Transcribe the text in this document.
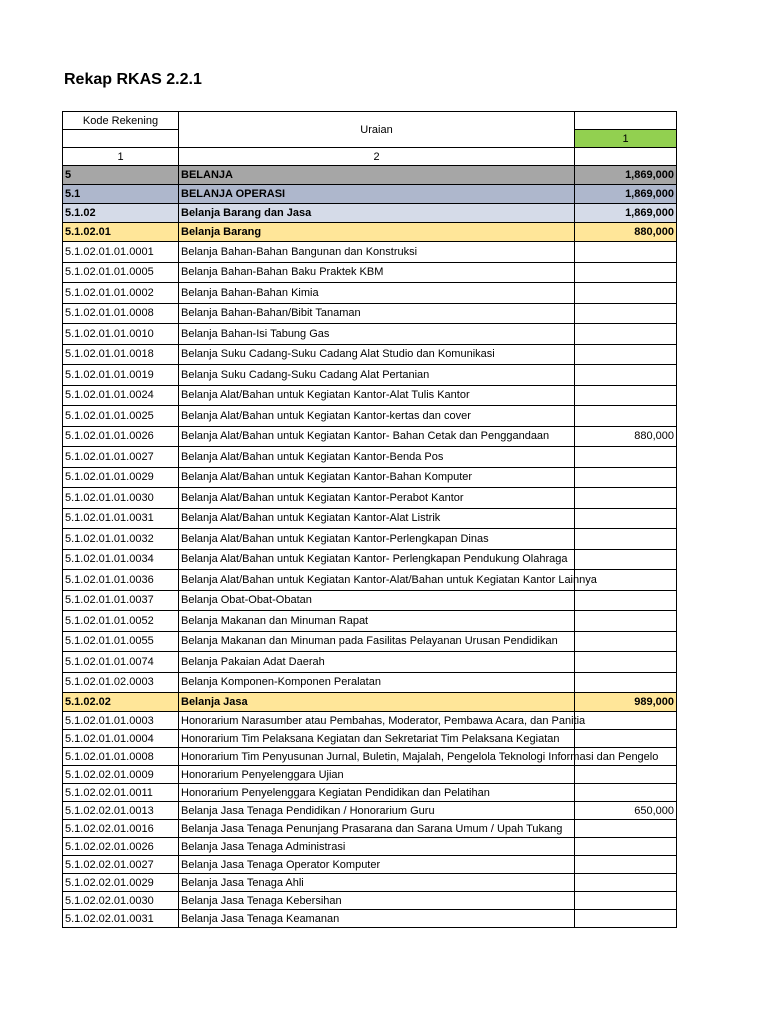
Rekap RKAS 2.2.1
Kode Rekening	Uraian	
		1
1	2	
5	BELANJA	1,869,000
5.1	BELANJA OPERASI	1,869,000
5.1.02	Belanja Barang dan Jasa	1,869,000
5.1.02.01	Belanja Barang	880,000
5.1.02.01.01.0001	Belanja Bahan-Bahan Bangunan dan Konstruksi	
5.1.02.01.01.0005	Belanja Bahan-Bahan Baku Praktek KBM	
5.1.02.01.01.0002	Belanja Bahan-Bahan Kimia	
5.1.02.01.01.0008	Belanja Bahan-Bahan/Bibit Tanaman	
5.1.02.01.01.0010	Belanja Bahan-Isi Tabung Gas	
5.1.02.01.01.0018	Belanja Suku Cadang-Suku Cadang Alat Studio dan Komunikasi	
5.1.02.01.01.0019	Belanja Suku Cadang-Suku Cadang Alat Pertanian	
5.1.02.01.01.0024	Belanja Alat/Bahan untuk Kegiatan Kantor-Alat Tulis Kantor	
5.1.02.01.01.0025	Belanja Alat/Bahan untuk Kegiatan Kantor-kertas dan cover	
5.1.02.01.01.0026	Belanja Alat/Bahan untuk Kegiatan Kantor- Bahan Cetak dan Penggandaan	880,000
5.1.02.01.01.0027	Belanja Alat/Bahan untuk Kegiatan Kantor-Benda Pos	
5.1.02.01.01.0029	Belanja Alat/Bahan untuk Kegiatan Kantor-Bahan Komputer	
5.1.02.01.01.0030	Belanja Alat/Bahan untuk Kegiatan Kantor-Perabot Kantor	
5.1.02.01.01.0031	Belanja Alat/Bahan untuk Kegiatan Kantor-Alat Listrik	
5.1.02.01.01.0032	Belanja Alat/Bahan untuk Kegiatan Kantor-Perlengkapan Dinas	
5.1.02.01.01.0034	Belanja Alat/Bahan untuk Kegiatan Kantor- Perlengkapan Pendukung Olahraga	
5.1.02.01.01.0036	Belanja Alat/Bahan untuk Kegiatan Kantor-Alat/Bahan untuk Kegiatan Kantor Lainnya	
5.1.02.01.01.0037	Belanja Obat-Obat-Obatan	
5.1.02.01.01.0052	Belanja Makanan dan Minuman Rapat	
5.1.02.01.01.0055	Belanja Makanan dan Minuman pada Fasilitas Pelayanan Urusan Pendidikan	
5.1.02.01.01.0074	Belanja Pakaian Adat Daerah	
5.1.02.01.02.0003	Belanja Komponen-Komponen Peralatan	
5.1.02.02	Belanja Jasa	989,000
5.1.02.01.01.0003	Honorarium Narasumber atau Pembahas, Moderator, Pembawa Acara, dan Panitia	
5.1.02.01.01.0004	Honorarium Tim Pelaksana Kegiatan dan Sekretariat Tim Pelaksana Kegiatan	
5.1.02.01.01.0008	Honorarium Tim Penyusunan Jurnal, Buletin, Majalah, Pengelola Teknologi Informasi dan Pengelo	
5.1.02.02.01.0009	Honorarium Penyelenggara Ujian	
5.1.02.02.01.0011	Honorarium Penyelenggara Kegiatan Pendidikan dan Pelatihan	
5.1.02.02.01.0013	Belanja Jasa Tenaga Pendidikan / Honorarium Guru	650,000
5.1.02.02.01.0016	Belanja Jasa Tenaga Penunjang Prasarana dan Sarana Umum / Upah Tukang	
5.1.02.02.01.0026	Belanja Jasa Tenaga Administrasi	
5.1.02.02.01.0027	Belanja Jasa Tenaga Operator Komputer	
5.1.02.02.01.0029	Belanja Jasa Tenaga Ahli	
5.1.02.02.01.0030	Belanja Jasa Tenaga Kebersihan	
5.1.02.02.01.0031	Belanja Jasa Tenaga Keamanan	
